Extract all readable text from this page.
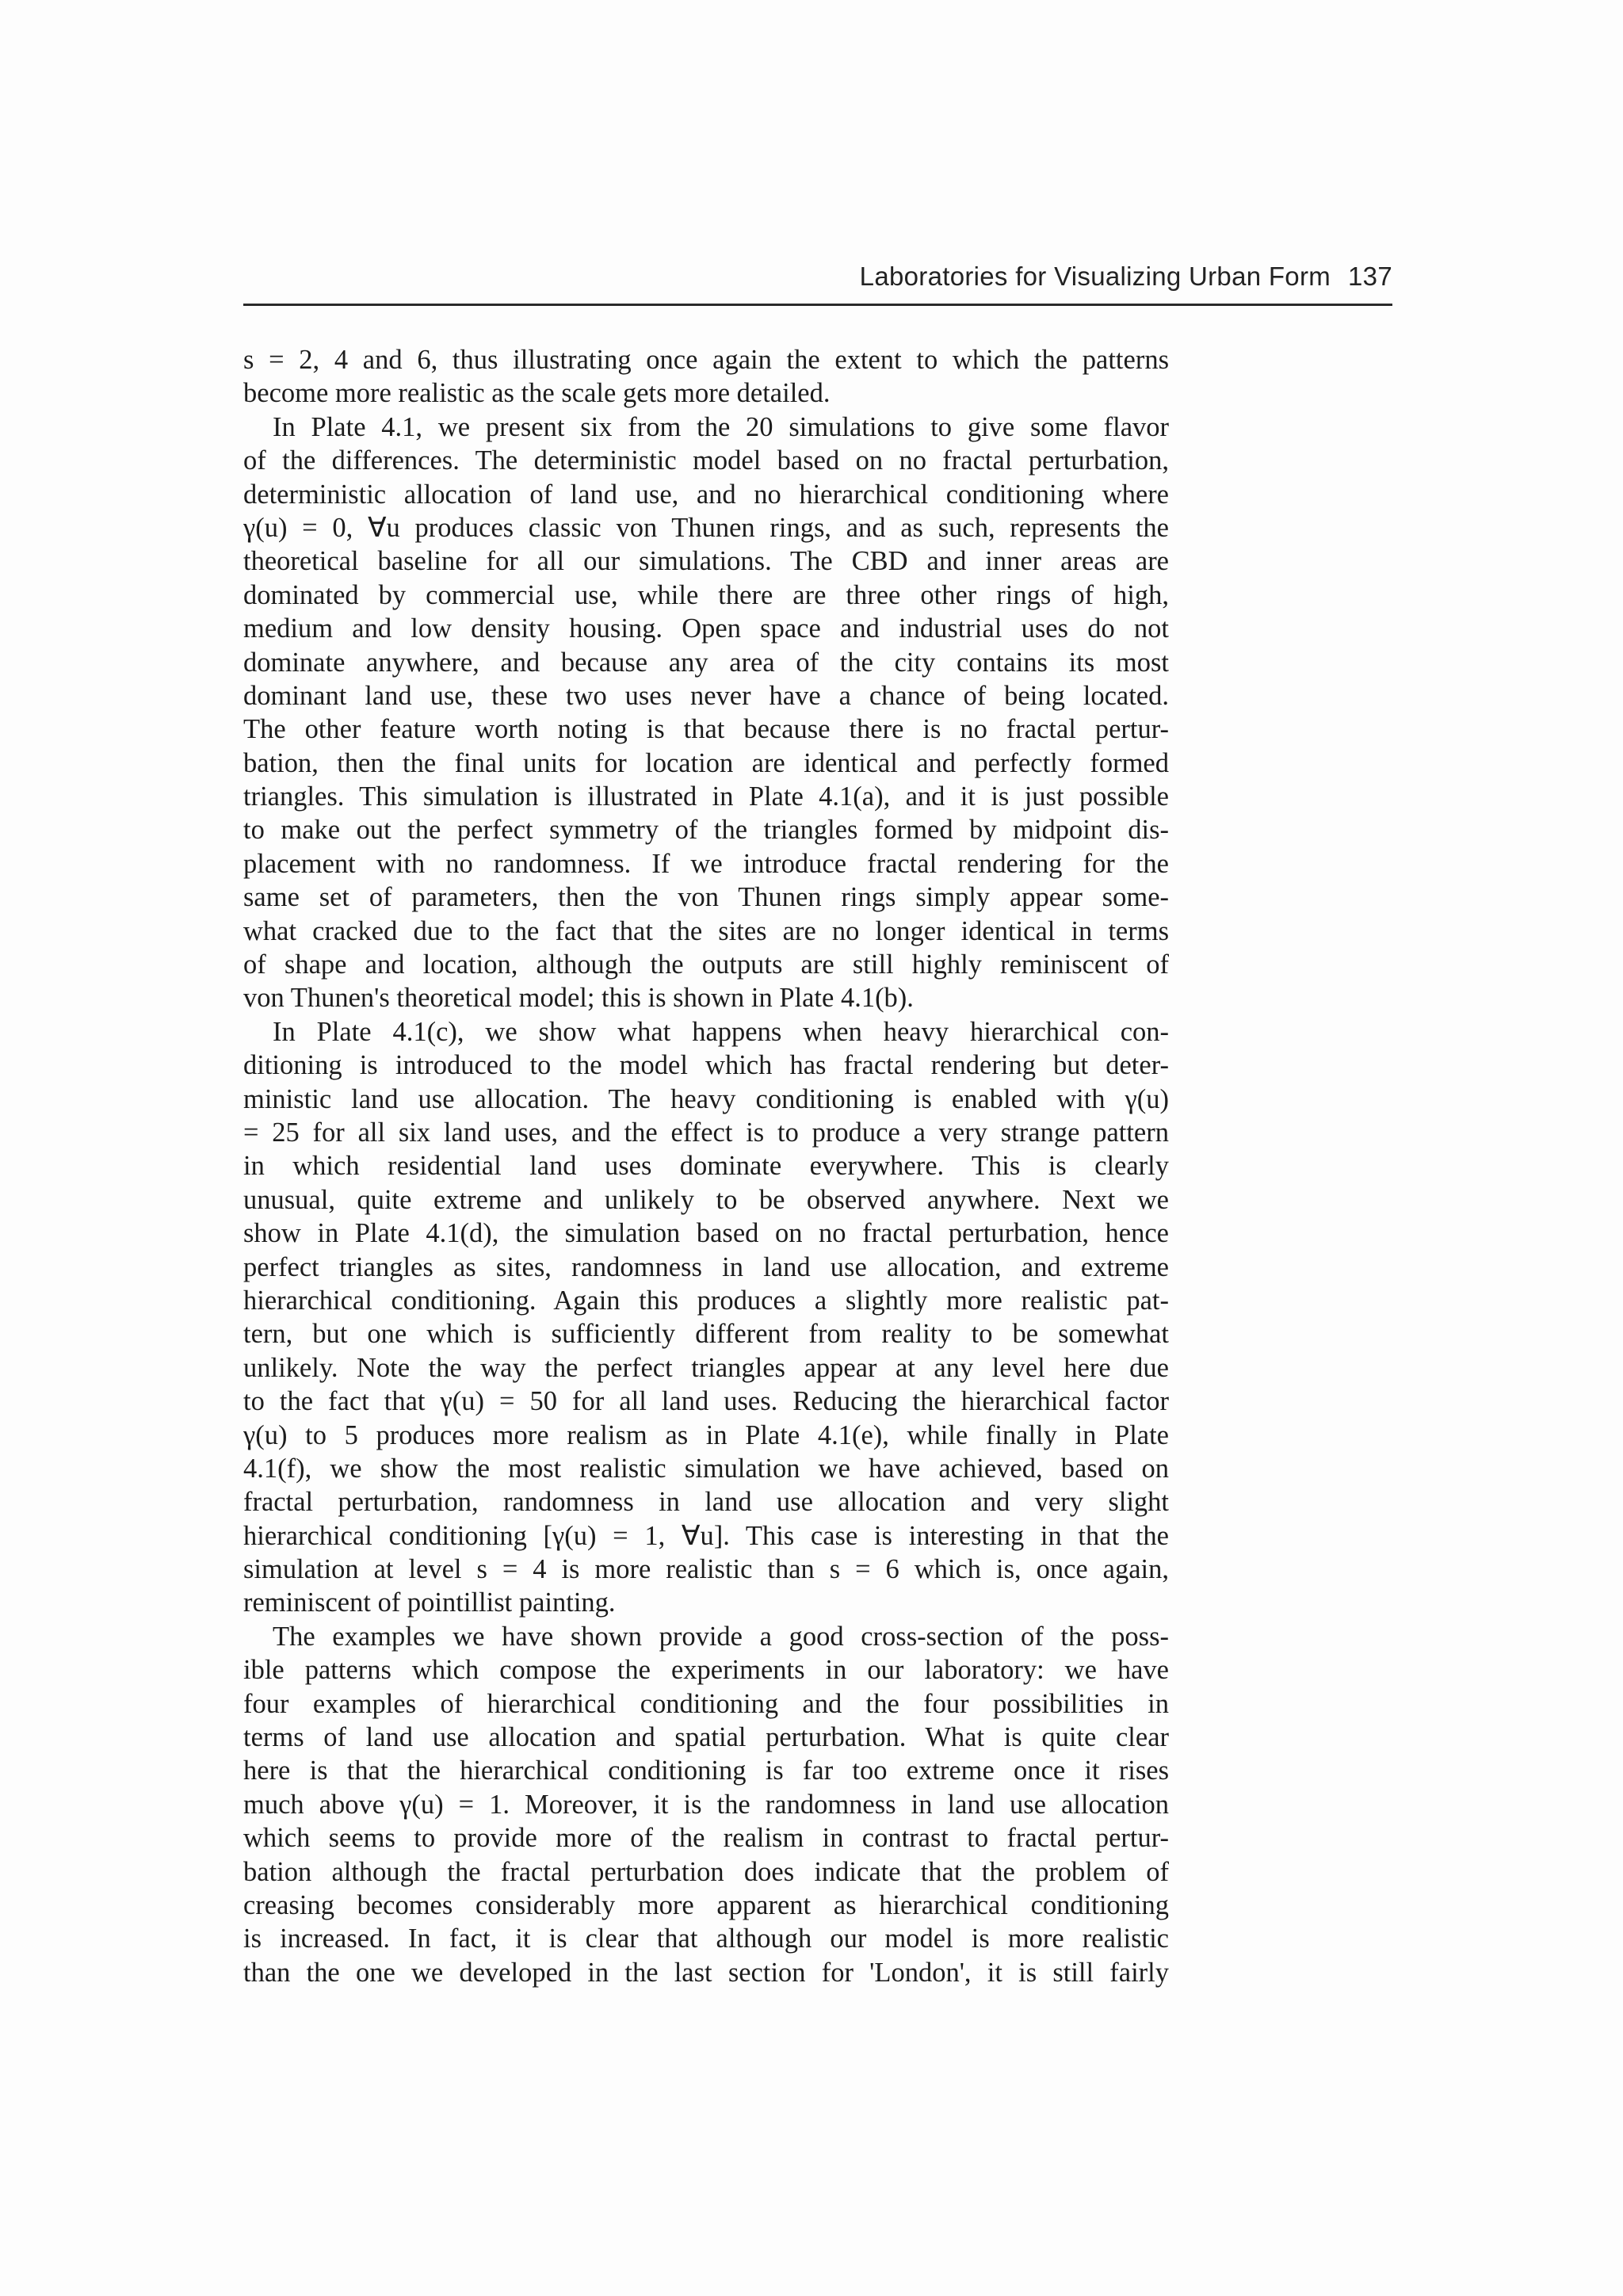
Laboratories for Visualizing Urban Form 137
s = 2, 4 and 6, thus illustrating once again the extent to which the patterns
become more realistic as the scale gets more detailed.
In Plate 4.1, we present six from the 20 simulations to give some flavor
of the differences. The deterministic model based on no fractal perturbation,
deterministic allocation of land use, and no hierarchical conditioning where
γ(u) = 0, ∀u produces classic von Thunen rings, and as such, represents the
theoretical baseline for all our simulations. The CBD and inner areas are
dominated by commercial use, while there are three other rings of high,
medium and low density housing. Open space and industrial uses do not
dominate anywhere, and because any area of the city contains its most
dominant land use, these two uses never have a chance of being located.
The other feature worth noting is that because there is no fractal pertur-
bation, then the final units for location are identical and perfectly formed
triangles. This simulation is illustrated in Plate 4.1(a), and it is just possible
to make out the perfect symmetry of the triangles formed by midpoint dis-
placement with no randomness. If we introduce fractal rendering for the
same set of parameters, then the von Thunen rings simply appear some-
what cracked due to the fact that the sites are no longer identical in terms
of shape and location, although the outputs are still highly reminiscent of
von Thunen's theoretical model; this is shown in Plate 4.1(b).
In Plate 4.1(c), we show what happens when heavy hierarchical con-
ditioning is introduced to the model which has fractal rendering but deter-
ministic land use allocation. The heavy conditioning is enabled with γ(u)
= 25 for all six land uses, and the effect is to produce a very strange pattern
in which residential land uses dominate everywhere. This is clearly
unusual, quite extreme and unlikely to be observed anywhere. Next we
show in Plate 4.1(d), the simulation based on no fractal perturbation, hence
perfect triangles as sites, randomness in land use allocation, and extreme
hierarchical conditioning. Again this produces a slightly more realistic pat-
tern, but one which is sufficiently different from reality to be somewhat
unlikely. Note the way the perfect triangles appear at any level here due
to the fact that γ(u) = 50 for all land uses. Reducing the hierarchical factor
γ(u) to 5 produces more realism as in Plate 4.1(e), while finally in Plate
4.1(f), we show the most realistic simulation we have achieved, based on
fractal perturbation, randomness in land use allocation and very slight
hierarchical conditioning [γ(u) = 1, ∀u]. This case is interesting in that the
simulation at level s = 4 is more realistic than s = 6 which is, once again,
reminiscent of pointillist painting.
The examples we have shown provide a good cross-section of the poss-
ible patterns which compose the experiments in our laboratory: we have
four examples of hierarchical conditioning and the four possibilities in
terms of land use allocation and spatial perturbation. What is quite clear
here is that the hierarchical conditioning is far too extreme once it rises
much above γ(u) = 1. Moreover, it is the randomness in land use allocation
which seems to provide more of the realism in contrast to fractal pertur-
bation although the fractal perturbation does indicate that the problem of
creasing becomes considerably more apparent as hierarchical conditioning
is increased. In fact, it is clear that although our model is more realistic
than the one we developed in the last section for 'London', it is still fairly
